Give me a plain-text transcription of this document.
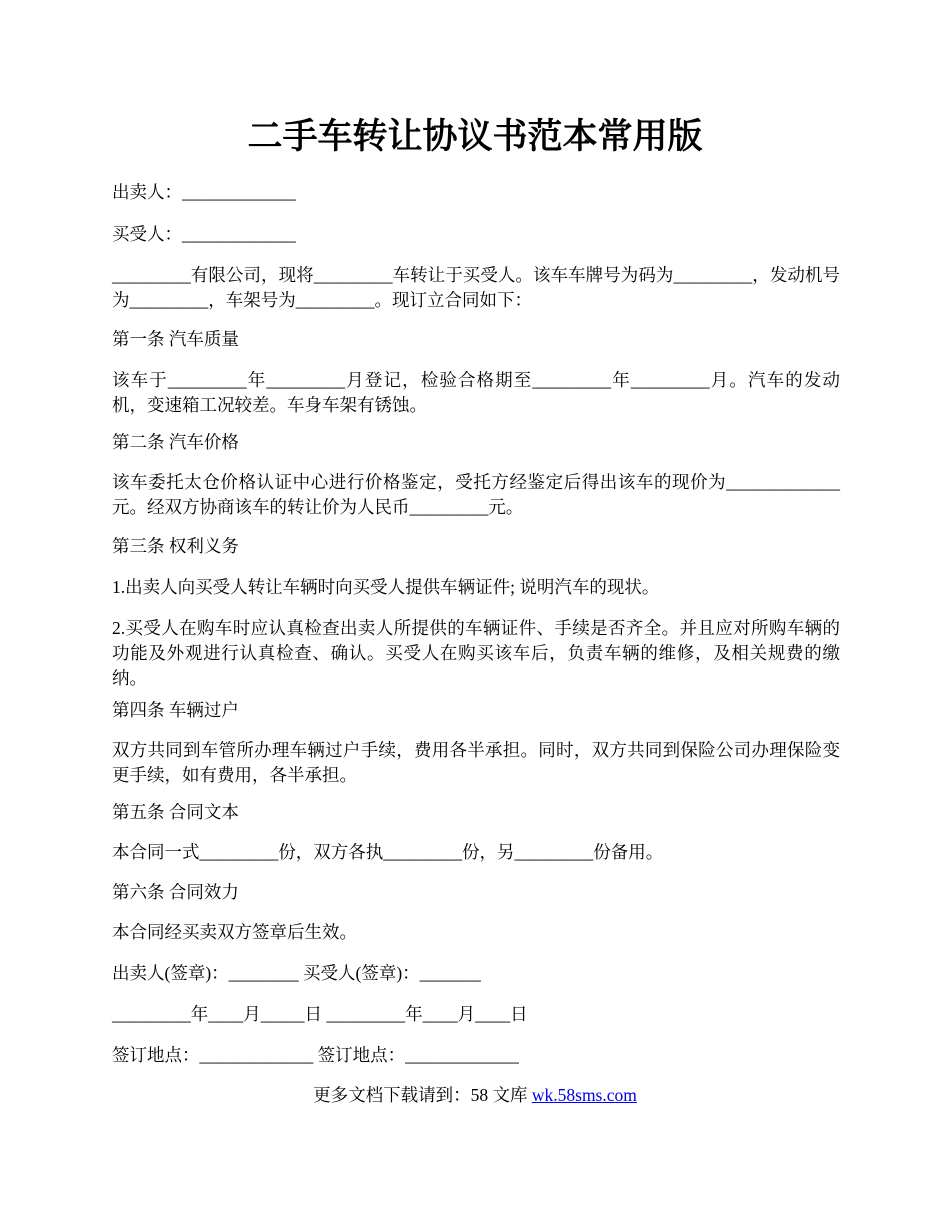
二手车转让协议书范本常用版

出卖人：_____________

买受人：_____________

_________有限公司，现将_________车转让于买受人。该车车牌号为码为_________，发动机号为_________，车架号为_________。现订立合同如下：

第一条 汽车质量

该车于_________年_________月登记，检验合格期至_________年_________月。汽车的发动机，变速箱工况较差。车身车架有锈蚀。

第二条 汽车价格

该车委托太仓价格认证中心进行价格鉴定，受托方经鉴定后得出该车的现价为_____________元。经双方协商该车的转让价为人民币_________元。

第三条 权利义务

1.出卖人向买受人转让车辆时向买受人提供车辆证件; 说明汽车的现状。

2.买受人在购车时应认真检查出卖人所提供的车辆证件、手续是否齐全。并且应对所购车辆的功能及外观进行认真检查、确认。买受人在购买该车后，负责车辆的维修，及相关规费的缴纳。

第四条 车辆过户

双方共同到车管所办理车辆过户手续，费用各半承担。同时，双方共同到保险公司办理保险变更手续，如有费用，各半承担。

第五条 合同文本

本合同一式_________份，双方各执_________份，另_________份备用。

第六条 合同效力

本合同经买卖双方签章后生效。

出卖人(签章)：________ 买受人(签章)：_______

_________年____月_____日 _________年____月____日

签订地点：_____________ 签订地点：_____________

更多文档下载请到：58 文库 wk.58sms.com
